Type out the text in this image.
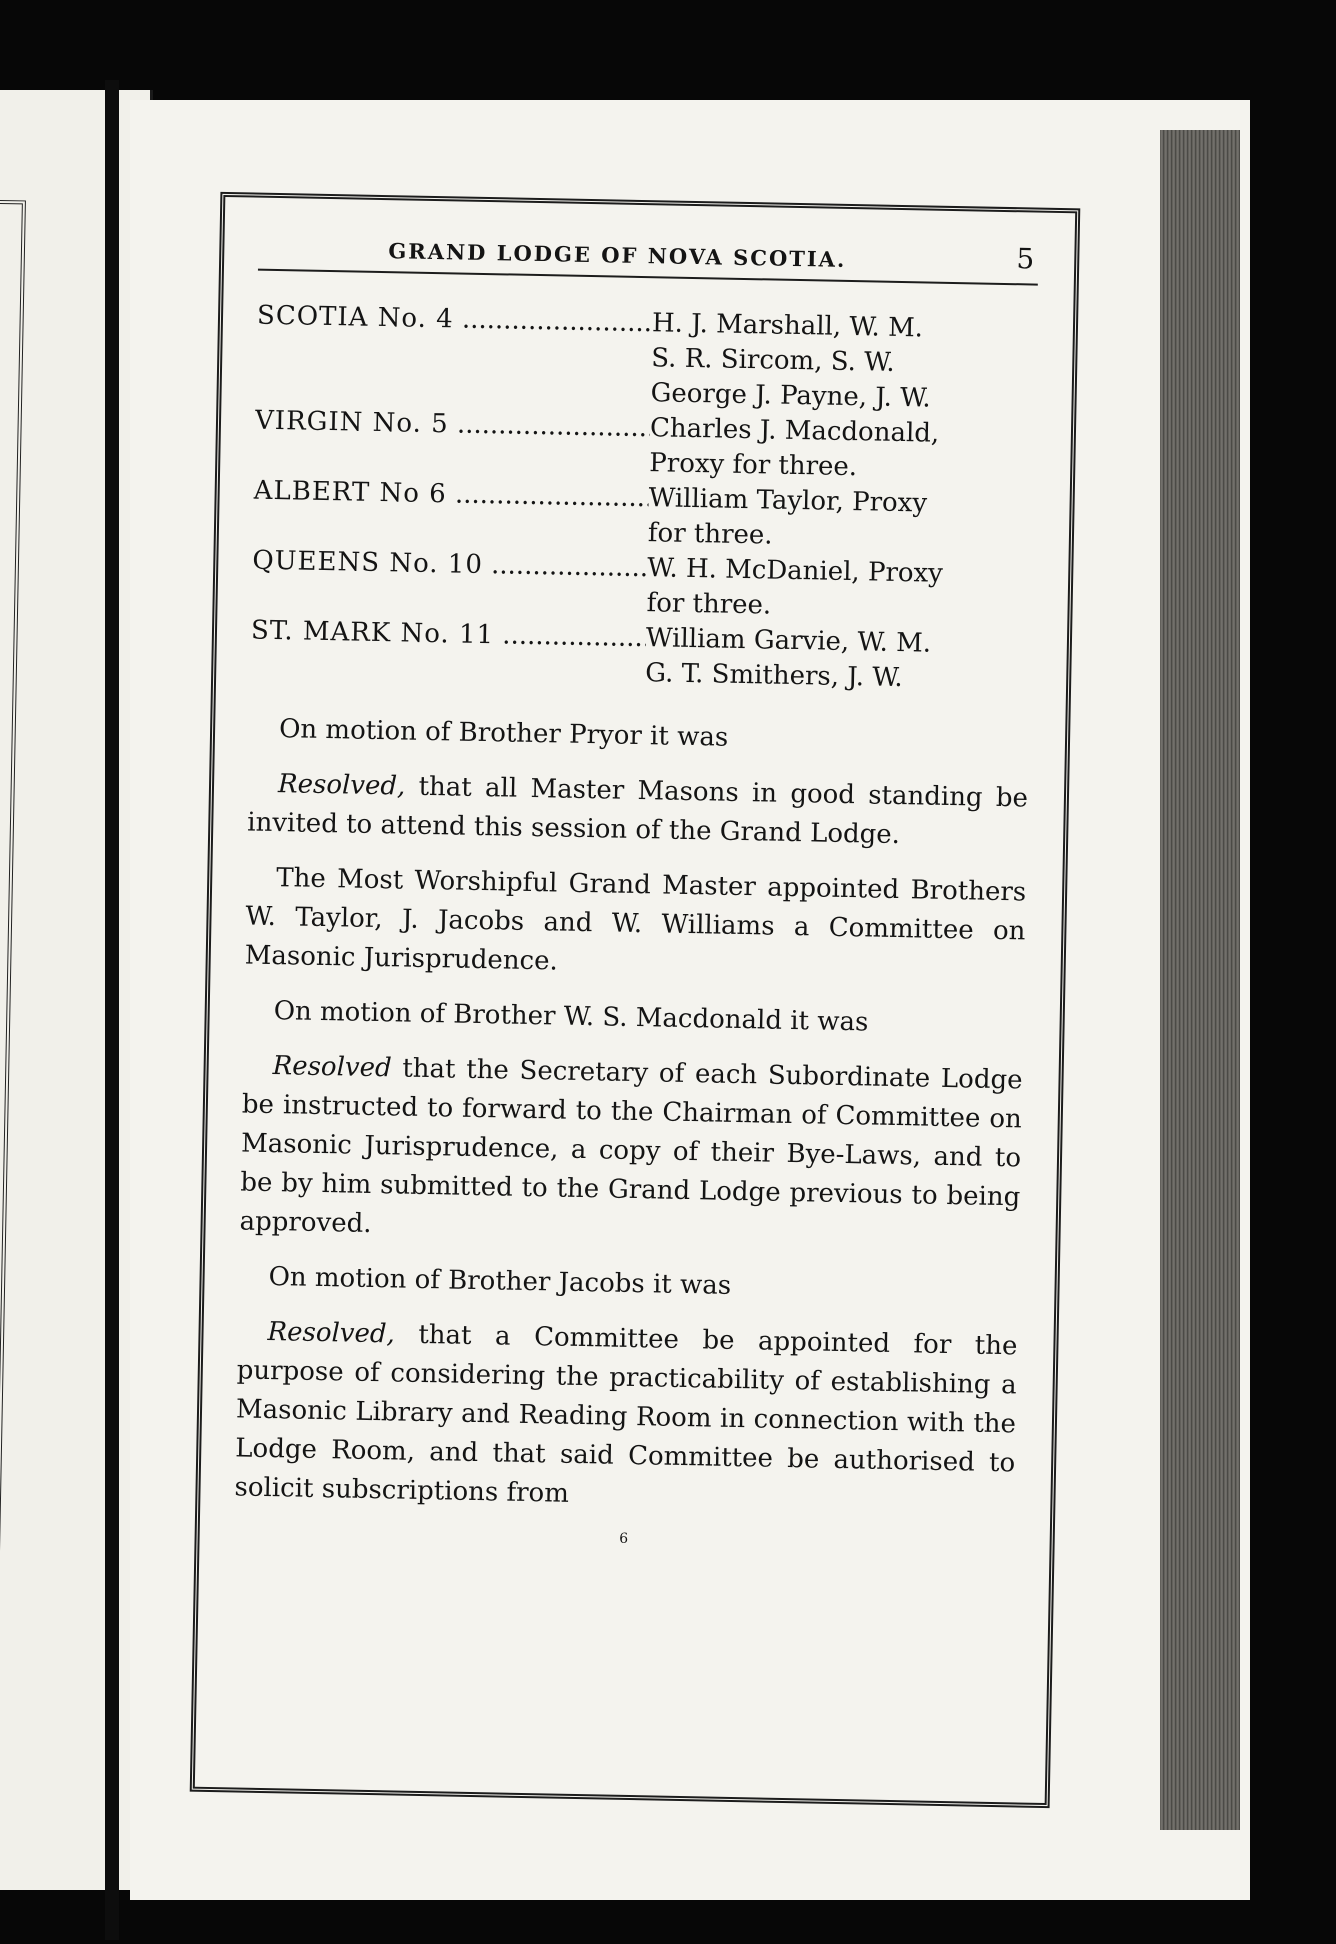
GRAND LODGE OF NOVA SCOTIA.	5
SCOTIA No. 4 .....	H. J. Marshall, W. M.
S. R. Sircom, S. W.
George J. Payne, J. W.
VIRGIN No. 5 .....	Charles J. Macdonald,
Proxy for three.
ALBERT No 6 .....	William Taylor, Proxy
for three.
QUEENS No. 10 .....	W. H. McDaniel, Proxy
for three.
ST. MARK No. 11 .....	William Garvie, W. M.
G. T. Smithers, J. W.

On motion of Brother Pryor it was

Resolved, that all Master Masons in good standing be invited to attend this session of the Grand Lodge.

The Most Worshipful Grand Master appointed Brothers W. Taylor, J. Jacobs and W. Williams a Committee on Masonic Jurisprudence.

On motion of Brother W. S. Macdonald it was

Resolved that the Secretary of each Subordinate Lodge be instructed to forward to the Chairman of Committee on Masonic Jurisprudence, a copy of their Bye-Laws, and to be by him submitted to the Grand Lodge previous to being approved.

On motion of Brother Jacobs it was

Resolved, that a Committee be appointed for the purpose of considering the practicability of establishing a Masonic Library and Reading Room in connection with the Lodge Room, and that said Committee be authorised to solicit subscriptions from

6
